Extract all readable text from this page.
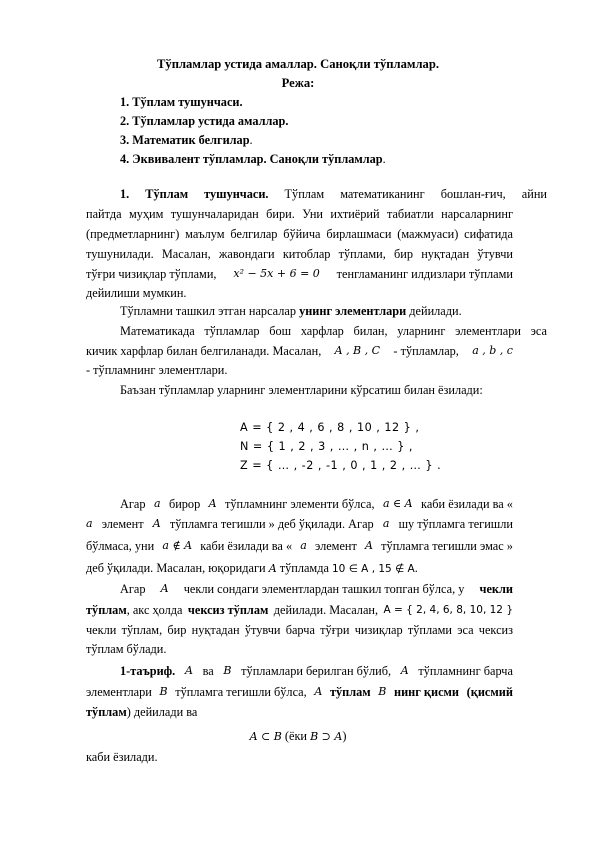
Тўпламлар устида амаллар. Саноқли тўпламлар.
Режа:
1. Тўплам тушунчаси.
2. Тўпламлар устида амаллар.
3. Математик белгилар.
4. Эквивалент тўпламлар. Саноқли тўпламлар.
1. Тўплам тушунчаси. Тўплам математиканинг бошлан-ғич, айни
пайтда муҳим тушунчаларидан бири. Уни ихтиёрий табиатли нарсаларнинг
(предметларнинг) маълум белгилар бўйича бирлашмаси (мажмуаси) сифатида
тушунилади. Масалан, жавондаги китоблар тўплами, бир нуқтадан ўтувчи
тўғри чизиқлар тўплами, x² − 5x + 6 = 0 тенгламанинг илдизлари тўплами
дейилиши мумкин.
Тўпламни ташкил этган нарсалар унинг элементлари дейилади.
Математикада тўпламлар бош харфлар билан, уларнинг элементлари эса
кичик харфлар билан белгиланади. Масалан, A , B , C - тўпламлар, a , b , c
- тўпламнинг элементлари.
Баъзан тўпламлар уларнинг элементларини кўрсатиш билан ёзилади:
A = { 2 , 4 , 6 , 8 , 10 , 12 } ,
N = { 1 , 2 , 3 , … , n , … } ,
Z = { … , -2 , -1 , 0 , 1 , 2 , … } .
Агар a бирор A тўпламнинг элементи бўлса, a ∈ A каби ёзилади ва «
a элемент A тўпламга тегишли » деб ўқилади. Агар a шу тўпламга тегишли
бўлмаса, уни a ∉ A каби ёзилади ва « a элемент A тўпламга тегишли эмас »
деб ўқилади. Масалан, юқоридаги A тўпламда 10 ∈ A , 15 ∉ A.
Агар A чекли сондаги элементлардан ташкил топган бўлса, у чекли
тўплам, акс ҳолда чексиз тўплам дейилади. Масалан, A = { 2, 4, 6, 8, 10, 12 }
чекли тўплам, бир нуқтадан ўтувчи барча тўғри чизиқлар тўплами эса чексиз
тўплам бўлади.
1-таъриф. A ва B тўпламлари берилган бўлиб, A тўпламнинг барча
элементлари B тўпламга тегишли бўлса, A тўплам B нинг қисми (қисмий
тўплам) дейилади ва
A ⊂ B (ёки B ⊃ A)
каби ёзилади.
